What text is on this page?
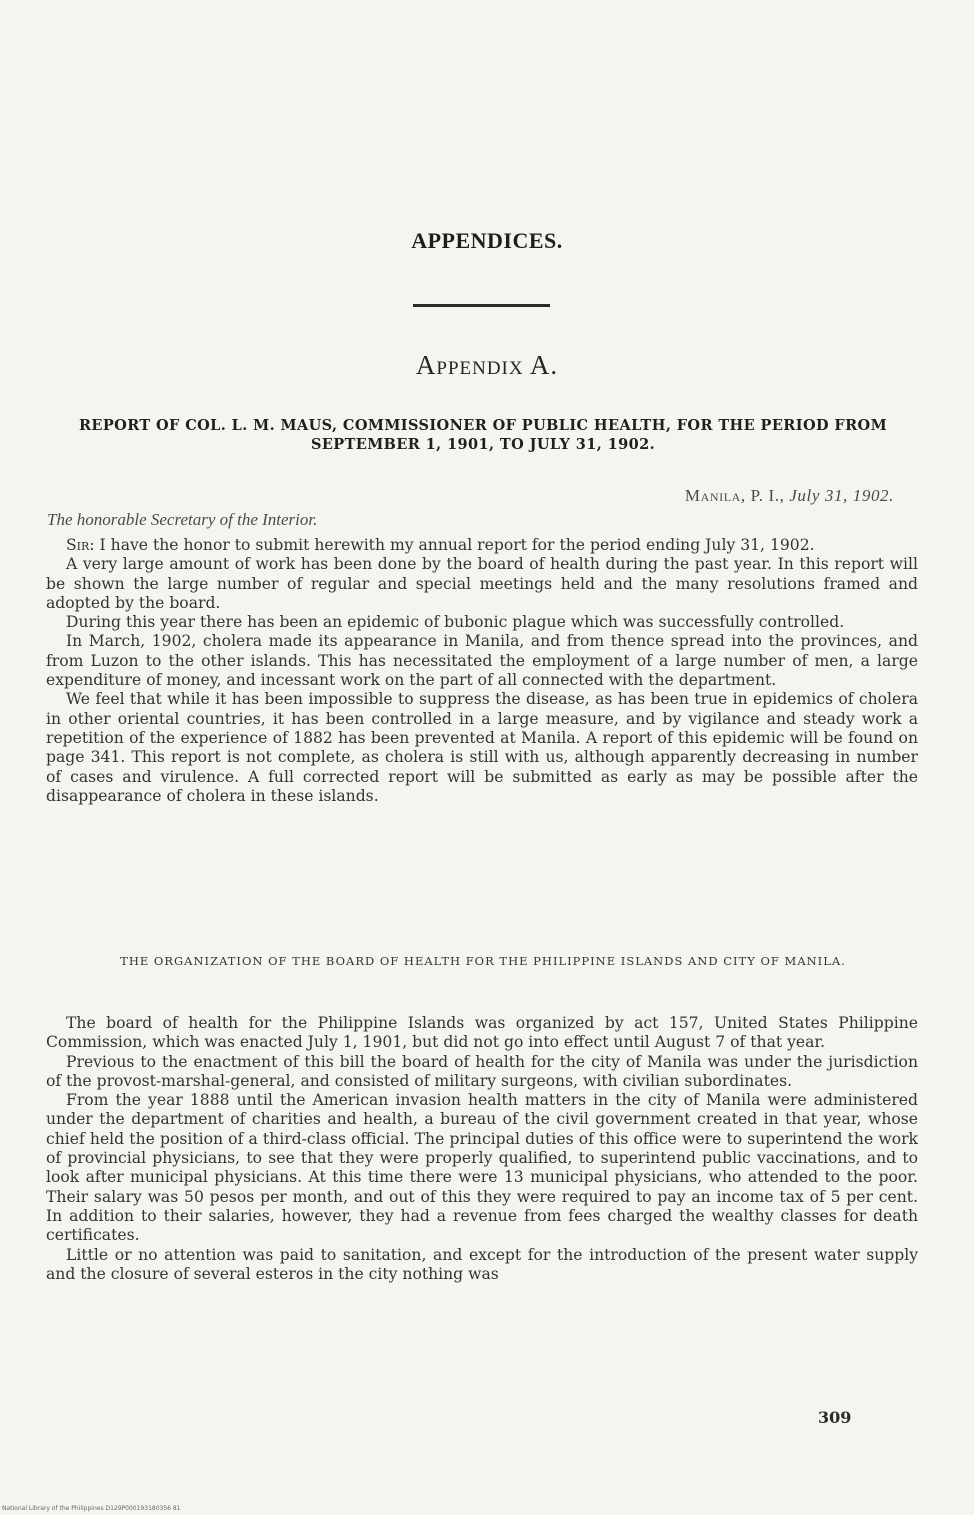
APPENDICES.
Appendix A.
REPORT OF COL. L. M. MAUS, COMMISSIONER OF PUBLIC HEALTH, FOR THE PERIOD FROM SEPTEMBER 1, 1901, TO JULY 31, 1902.
Manila, P. I., July 31, 1902.
The honorable Secretary of the Interior.

Sir: I have the honor to submit herewith my annual report for the period ending July 31, 1902.

A very large amount of work has been done by the board of health during the past year. In this report will be shown the large number of regular and special meetings held and the many resolutions framed and adopted by the board.

During this year there has been an epidemic of bubonic plague which was successfully controlled.

In March, 1902, cholera made its appearance in Manila, and from thence spread into the provinces, and from Luzon to the other islands. This has necessitated the employment of a large number of men, a large expenditure of money, and incessant work on the part of all connected with the department.

We feel that while it has been impossible to suppress the disease, as has been true in epidemics of cholera in other oriental countries, it has been controlled in a large measure, and by vigilance and steady work a repetition of the experience of 1882 has been prevented at Manila. A report of this epidemic will be found on page 341. This report is not complete, as cholera is still with us, although apparently decreasing in number of cases and virulence. A full corrected report will be submitted as early as may be possible after the disappearance of cholera in these islands.

THE ORGANIZATION OF THE BOARD OF HEALTH FOR THE PHILIPPINE ISLANDS AND CITY OF MANILA.

The board of health for the Philippine Islands was organized by act 157, United States Philippine Commission, which was enacted July 1, 1901, but did not go into effect until August 7 of that year.

Previous to the enactment of this bill the board of health for the city of Manila was under the jurisdiction of the provost-marshal-general, and consisted of military surgeons, with civilian subordinates.

From the year 1888 until the American invasion health matters in the city of Manila were administered under the department of charities and health, a bureau of the civil government created in that year, whose chief held the position of a third-class official. The principal duties of this office were to superintend the work of provincial physicians, to see that they were properly qualified, to superintend public vaccinations, and to look after municipal physicians. At this time there were 13 municipal physicians, who attended to the poor. Their salary was 50 pesos per month, and out of this they were required to pay an income tax of 5 per cent. In addition to their salaries, however, they had a revenue from fees charged the wealthy classes for death certificates.

Little or no attention was paid to sanitation, and except for the introduction of the present water supply and the closure of several esteros in the city nothing was

309
National Library of the Philippines D129P000193180356 81
